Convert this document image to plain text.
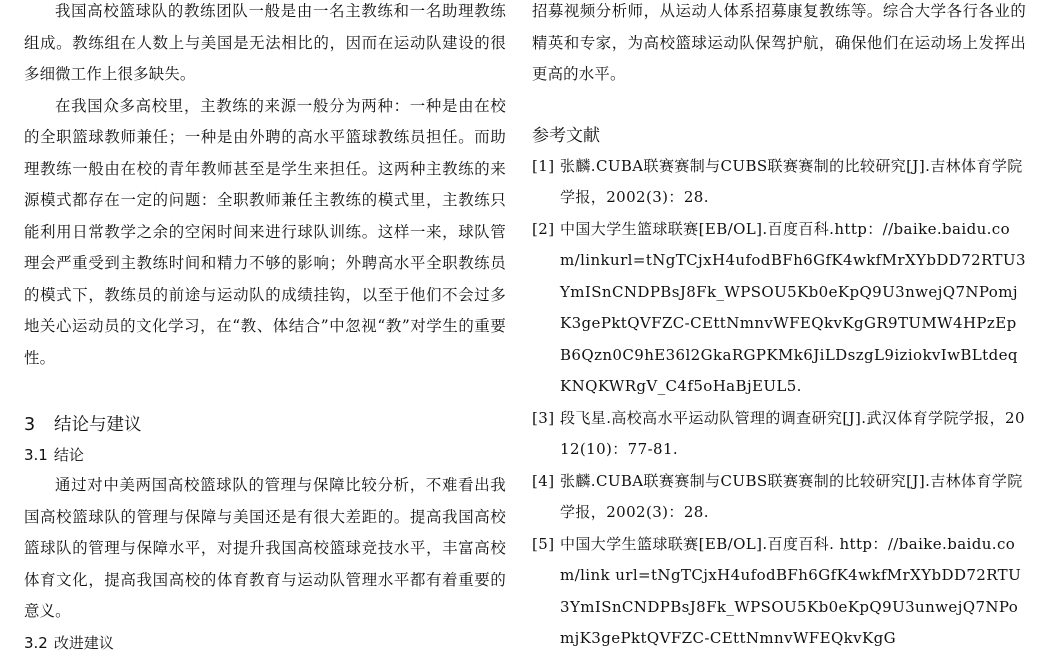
我国高校篮球队的教练团队一般是由一名主教练和一名助理教练组成。教练组在人数上与美国是无法相比的，因而在运动队建设的很多细微工作上很多缺失。

在我国众多高校里，主教练的来源一般分为两种：一种是由在校的全职篮球教师兼任；一种是由外聘的高水平篮球教练员担任。而助理教练一般由在校的青年教师甚至是学生来担任。这两种主教练的来源模式都存在一定的问题：全职教师兼任主教练的模式里，主教练只能利用日常教学之余的空闲时间来进行球队训练。这样一来，球队管理会严重受到主教练时间和精力不够的影响；外聘高水平全职教练员的模式下，教练员的前途与运动队的成绩挂钩，以至于他们不会过多地关心运动员的文化学习，在“教、体结合”中忽视“教”对学生的重要性。

3 结论与建议
3.1 结论

通过对中美两国高校篮球队的管理与保障比较分析，不难看出我国高校篮球队的管理与保障与美国还是有很大差距的。提高我国高校篮球队的管理与保障水平，对提升我国高校篮球竞技水平，丰富高校体育文化，提高我国高校的体育教育与运动队管理水平都有着重要的意义。

3.2 改进建议

招募视频分析师，从运动人体系招募康复教练等。综合大学各行各业的精英和专家，为高校篮球运动队保驾护航，确保他们在运动场上发挥出更高的水平。

参考文献
[1] 张麟.CUBA联赛赛制与CUBS联赛赛制的比较研究[J].吉林体育学院学报，2002(3)：28.
[2] 中国大学生篮球联赛[EB/OL].百度百科.http：//baike.baidu.com/linkurl=tNgTCjxH4ufodBFh6GfK4wkfMrXYbDD72RTU3YmISnCNDPBsJ8Fk_WPSOU5Kb0eKpQ9U3nwejQ7NPomjK3gePktQVFZC-CEttNmnvWFEQkvKgGR9TUMW4HPzEpB6Qzn0C9hE36l2GkaRGPKMk6JiLDszgL9iziokvIwBLtdeqKNQKWRgV_C4f5oHaBjEUL5.
[3] 段飞星.高校高水平运动队管理的调查研究[J].武汉体育学院学报，2012(10)：77-81.
[4] 张麟.CUBA联赛赛制与CUBS联赛赛制的比较研究[J].吉林体育学院学报，2002(3)：28.
[5] 中国大学生篮球联赛[EB/OL].百度百科. http：//baike.baidu.com/link url=tNgTCjxH4ufodBFh6GfK4wkfMrXYbDD72RTU3YmISnCNDPBsJ8Fk_WPSOU5Kb0eKpQ9U3unwejQ7NPomjK3gePktQVFZC-CEttNmnvWFEQkvKgG
